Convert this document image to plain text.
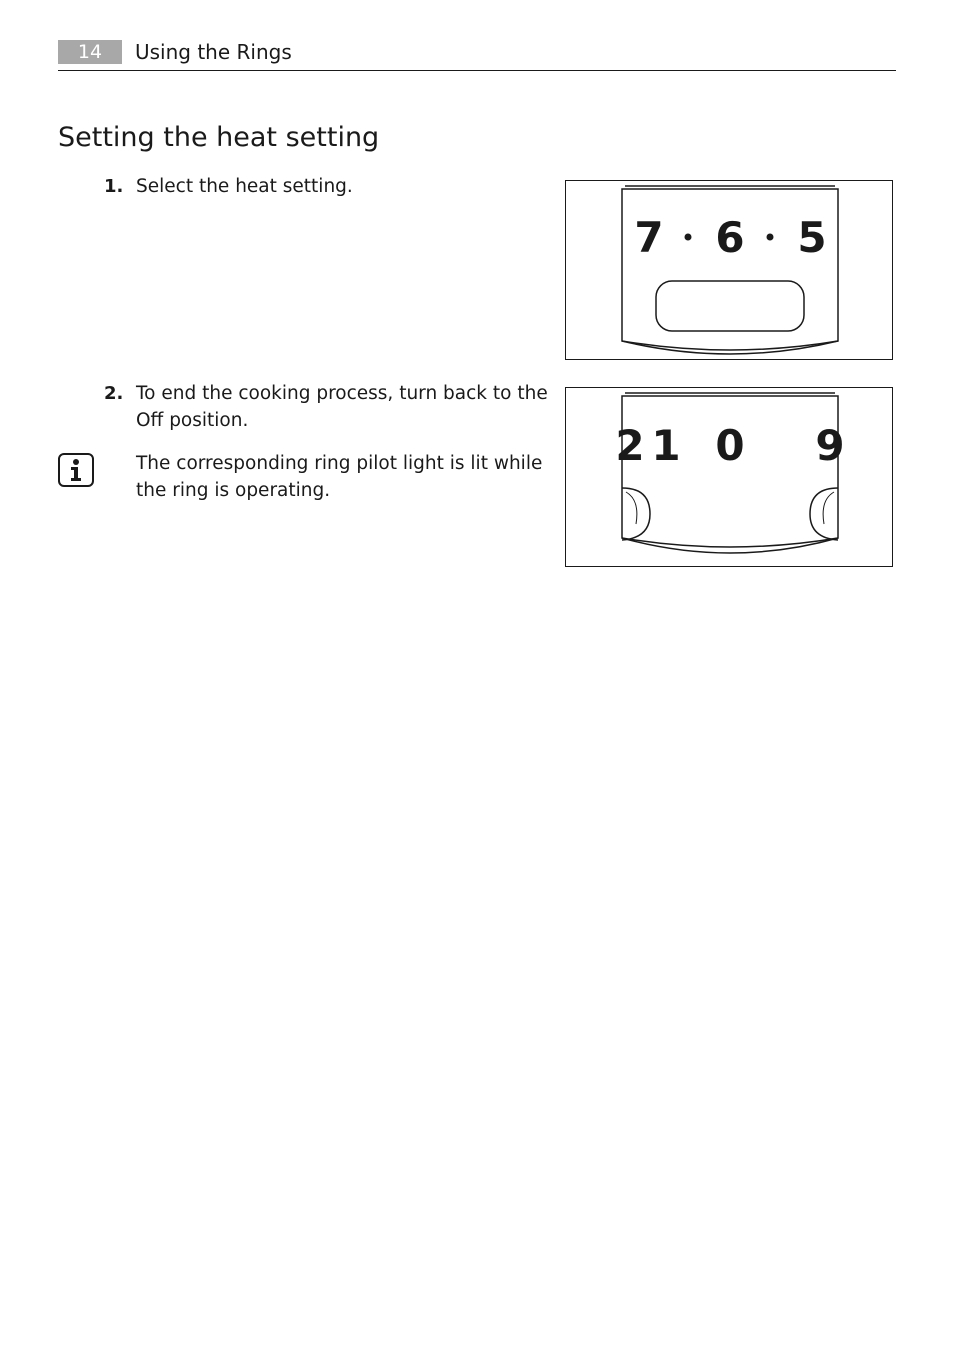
14	Using the Rings
Setting the heat setting
1. Select the heat setting.
2. To end the cooking process, turn back to the Off position.
The corresponding ring pilot light is lit while the ring is operating.
7 6 5
2 1 0 9
